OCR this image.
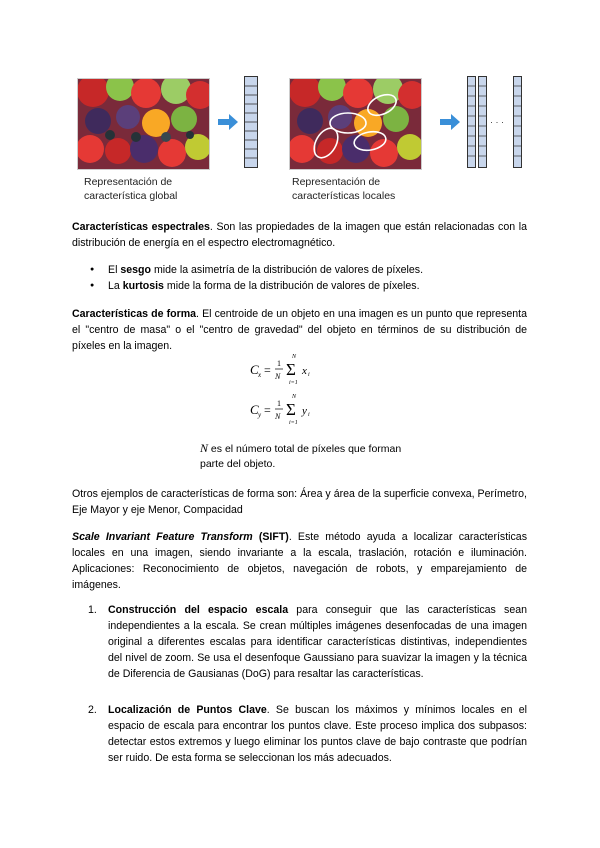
· · ·
Representación de
característica global
Representación de
características locales
Características espectrales. Son las propiedades de la imagen que están relacionadas con la distribución de energía en el espectro electromagnético.
● El sesgo mide la asimetría de la distribución de valores de píxeles.
● La kurtosis mide la forma de la distribución de valores de píxeles.
Características de forma. El centroide de un objeto en una imagen es un punto que representa el "centro de masa" o el "centro de gravedad" del objeto en términos de su distribución de píxeles en la imagen.
C x = 1
N
N
Σ
i=1
x i
C y = 1
N
N
Σ
i=1
y i
N es el número total de píxeles que forman
parte del objeto.
Otros ejemplos de características de forma son: Área y área de la superficie convexa, Perímetro, Eje Mayor y eje Menor, Compacidad
Scale Invariant Feature Transform (SIFT). Este método ayuda a localizar características locales en una imagen, siendo invariante a la escala, traslación, rotación e iluminación. Aplicaciones: Reconocimiento de objetos, navegación de robots, y emparejamiento de imágenes.
1. Construcción del espacio escala para conseguir que las características sean independientes a la escala. Se crean múltiples imágenes desenfocadas de una imagen original a diferentes escalas para identificar características distintivas, independientes del nivel de zoom. Se usa el desenfoque Gaussiano para suavizar la imagen y la técnica de Diferencia de Gausianas (DoG) para resaltar las características.
2. Localización de Puntos Clave. Se buscan los máximos y mínimos locales en el espacio de escala para encontrar los puntos clave. Este proceso implica dos subpasos: detectar estos extremos y luego eliminar los puntos clave de bajo contraste que podrían ser ruido. De esta forma se seleccionan los más adecuados.
